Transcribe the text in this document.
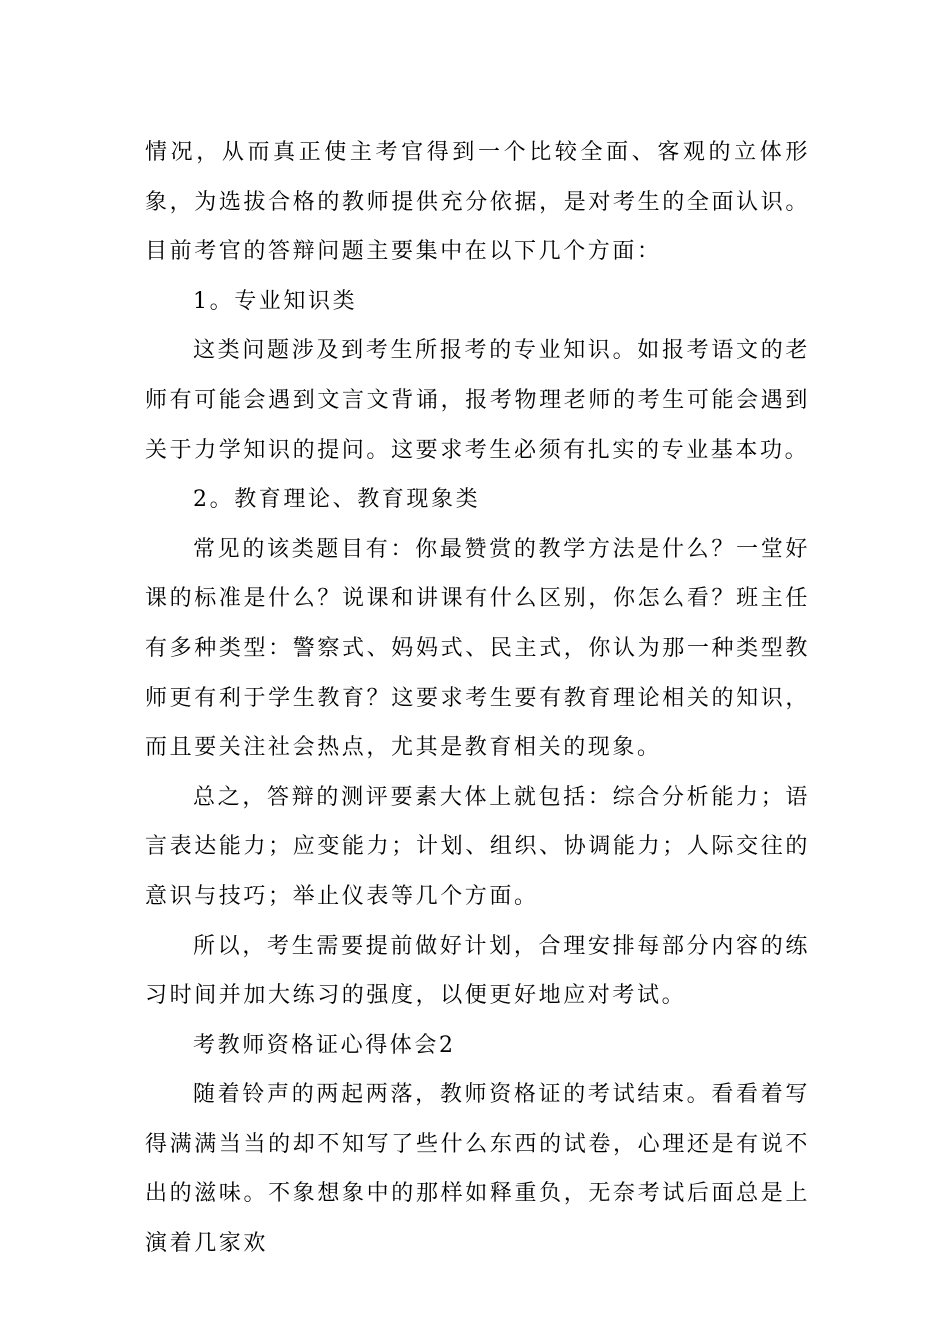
情况，从而真正使主考官得到一个比较全面、客观的立体形象，为选拔合格的教师提供充分依据，是对考生的全面认识。目前考官的答辩问题主要集中在以下几个方面：

1。专业知识类

这类问题涉及到考生所报考的专业知识。如报考语文的老师有可能会遇到文言文背诵，报考物理老师的考生可能会遇到关于力学知识的提问。这要求考生必须有扎实的专业基本功。

2。教育理论、教育现象类

常见的该类题目有：你最赞赏的教学方法是什么？一堂好课的标准是什么？说课和讲课有什么区别，你怎么看？班主任有多种类型：警察式、妈妈式、民主式，你认为那一种类型教师更有利于学生教育？这要求考生要有教育理论相关的知识，而且要关注社会热点，尤其是教育相关的现象。

总之，答辩的测评要素大体上就包括：综合分析能力；语言表达能力；应变能力；计划、组织、协调能力；人际交往的意识与技巧；举止仪表等几个方面。

所以，考生需要提前做好计划，合理安排每部分内容的练习时间并加大练习的强度，以便更好地应对考试。

考教师资格证心得体会2

随着铃声的两起两落，教师资格证的考试结束。看看着写得满满当当的却不知写了些什么东西的试卷，心理还是有说不出的滋味。不象想象中的那样如释重负，无奈考试后面总是上演着几家欢
